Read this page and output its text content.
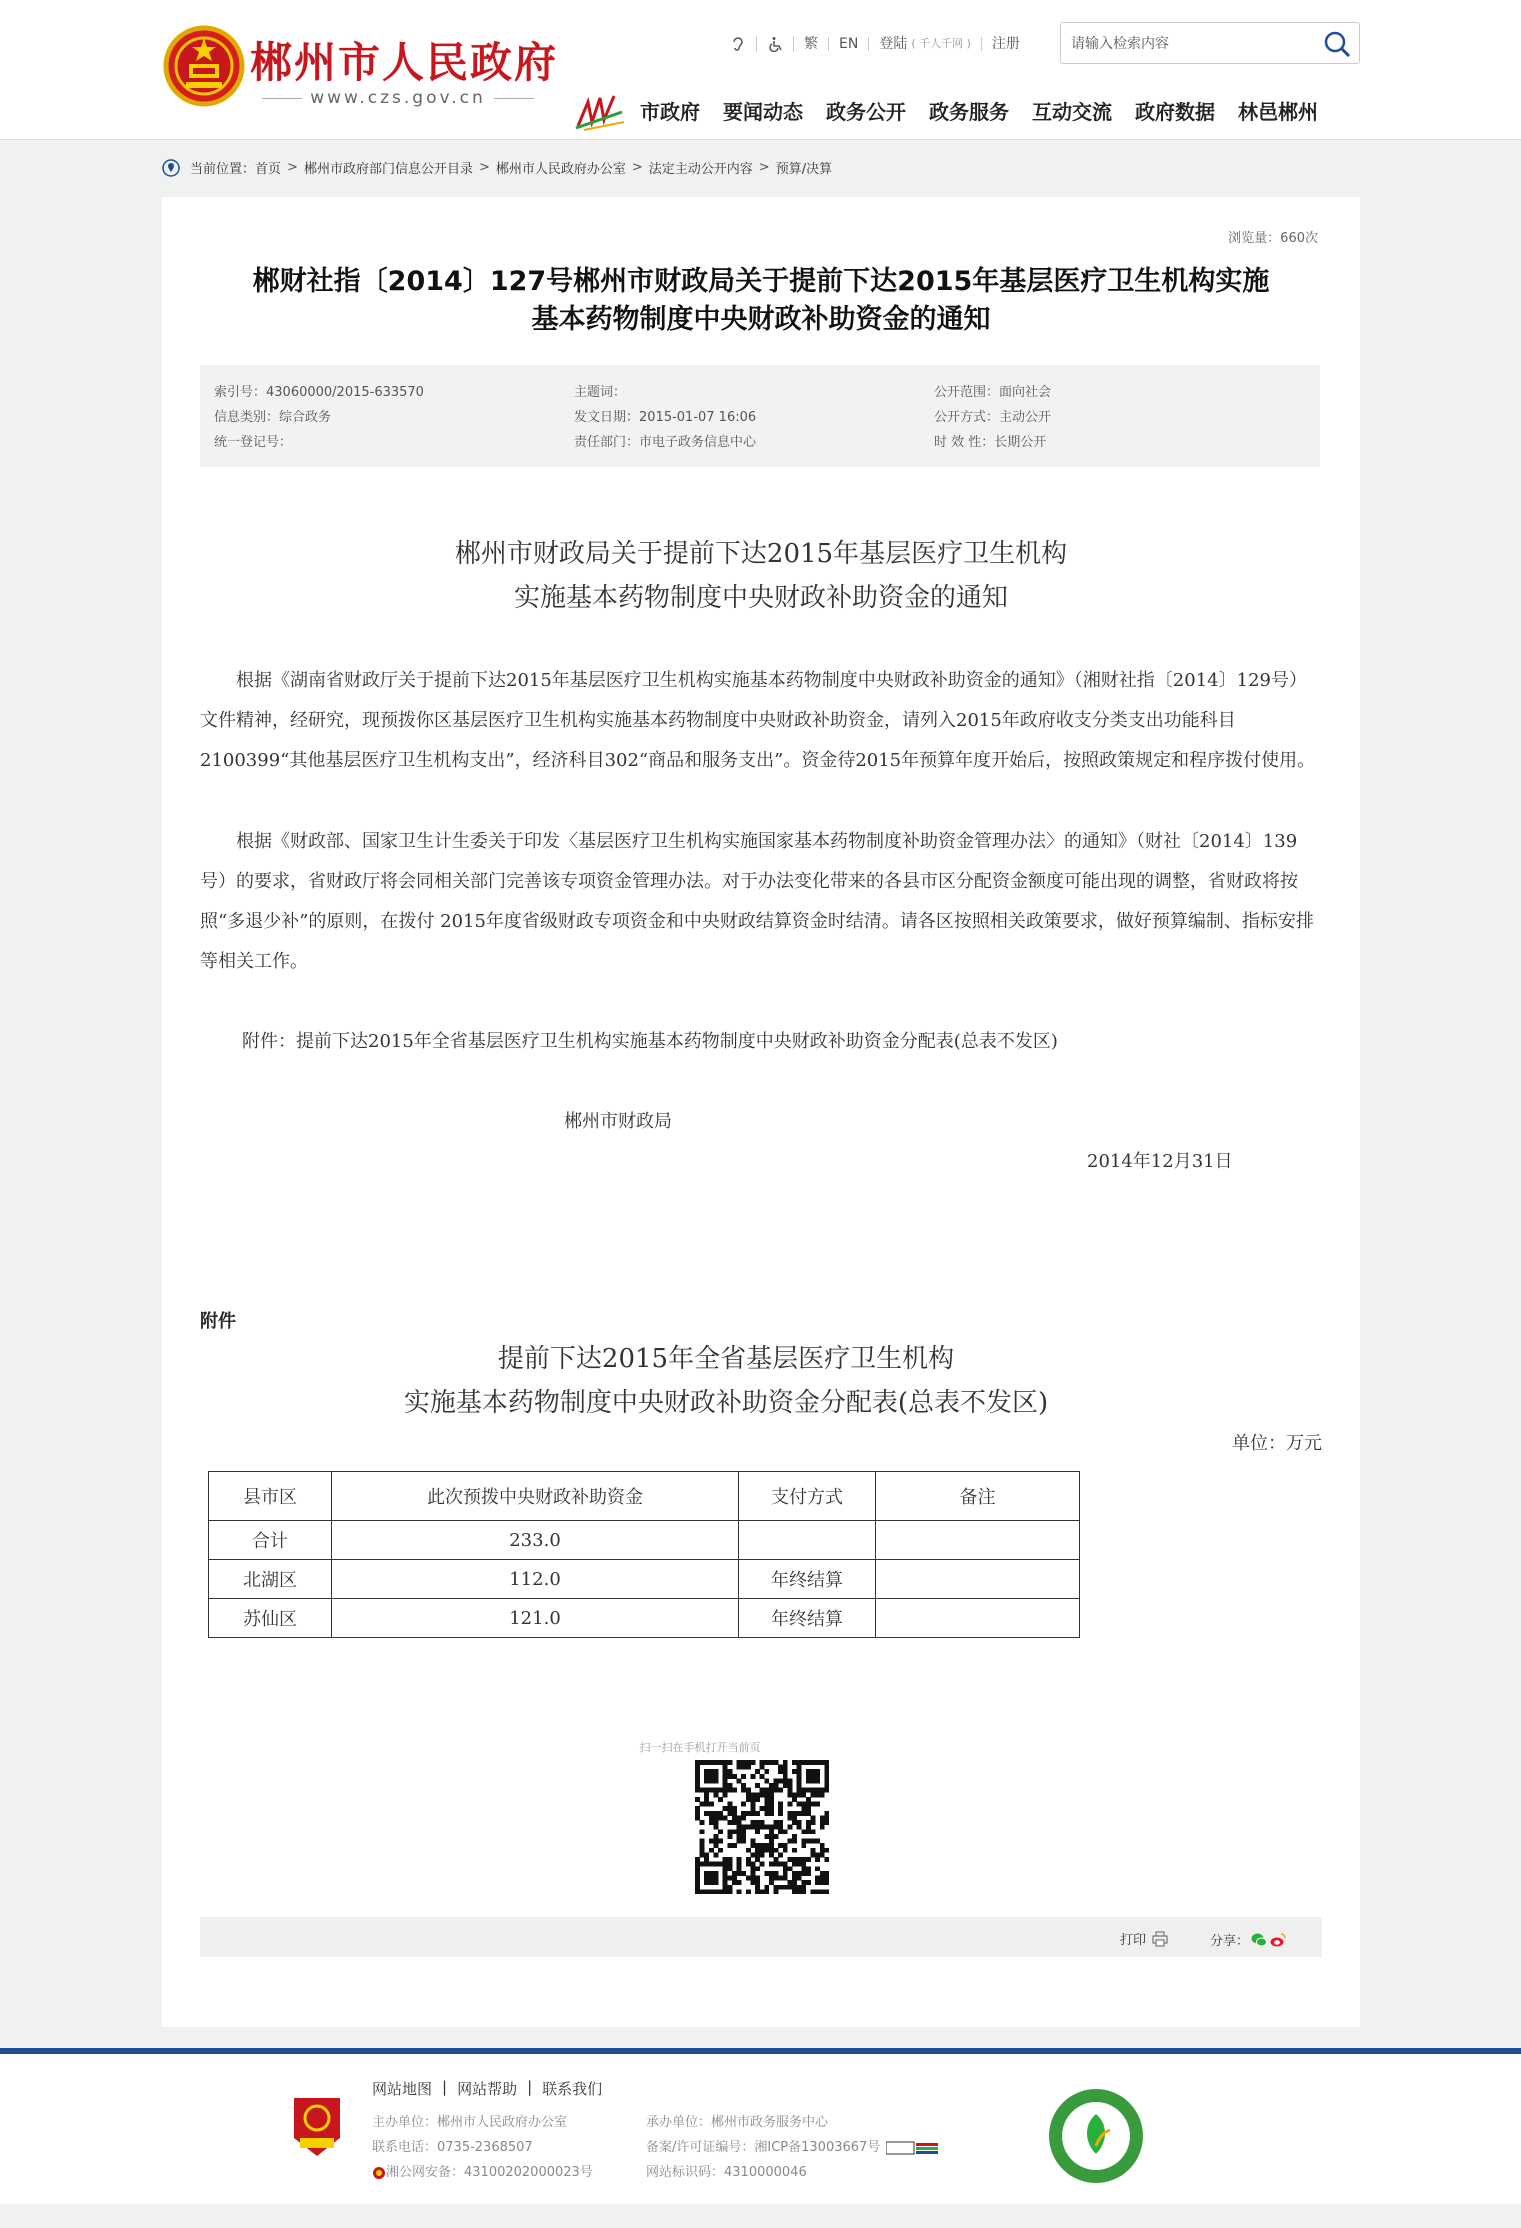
郴州市人民政府
www.czs.gov.cn
繁	EN	登陆 ( 千人千网 )	注册
请输入检索内容
市政府 要闻动态 政务公开 政务服务 互动交流 政府数据 林邑郴州
当前位置： 首页 > 郴州市政府部门信息公开目录 > 郴州市人民政府办公室 > 法定主动公开内容 > 预算/决算
浏览量：660次
郴财社指〔2014〕127号郴州市财政局关于提前下达2015年基层医疗卫生机构实施
基本药物制度中央财政补助资金的通知
索引号：43060000/2015-633570	主题词：	公开范围：面向社会
信息类别：综合政务	发文日期：2015-01-07 16:06	公开方式：主动公开
统一登记号：	责任部门：市电子政务信息中心	时 效 性：长期公开
郴州市财政局关于提前下达2015年基层医疗卫生机构
实施基本药物制度中央财政补助资金的通知

根据《湖南省财政厅关于提前下达2015年基层医疗卫生机构实施基本药物制度中央财政补助资金的通知》（湘财社指〔2014〕129号）文件精神，经研究，现预拨你区基层医疗卫生机构实施基本药物制度中央财政补助资金，请列入2015年政府收支分类支出功能科目2100399“其他基层医疗卫生机构支出”，经济科目302“商品和服务支出”。资金待2015年预算年度开始后，按照政策规定和程序拨付使用。

根据《财政部、国家卫生计生委关于印发〈基层医疗卫生机构实施国家基本药物制度补助资金管理办法〉的通知》（财社〔2014〕139号）的要求，省财政厅将会同相关部门完善该专项资金管理办法。对于办法变化带来的各县市区分配资金额度可能出现的调整，省财政将按照“多退少补”的原则，在拨付 2015年度省级财政专项资金和中央财政结算资金时结清。请各区按照相关政策要求，做好预算编制、指标安排等相关工作。

附件：提前下达2015年全省基层医疗卫生机构实施基本药物制度中央财政补助资金分配表(总表不发区)
郴州市财政局
2014年12月31日
附件
提前下达2015年全省基层医疗卫生机构
实施基本药物制度中央财政补助资金分配表(总表不发区)
单位：万元
县市区	此次预拨中央财政补助资金	支付方式	备注
合计	233.0		
北湖区	112.0	年终结算	
苏仙区	121.0	年终结算	
扫一扫在手机打开当前页
打印	分享：
网站地图 | 网站帮助 | 联系我们
主办单位：郴州市人民政府办公室
联系电话：0735-2368507
湘公网安备：43100202000023号
承办单位：郴州市政务服务中心
备案/许可证编号：湘ICP备13003667号
网站标识码：4310000046
